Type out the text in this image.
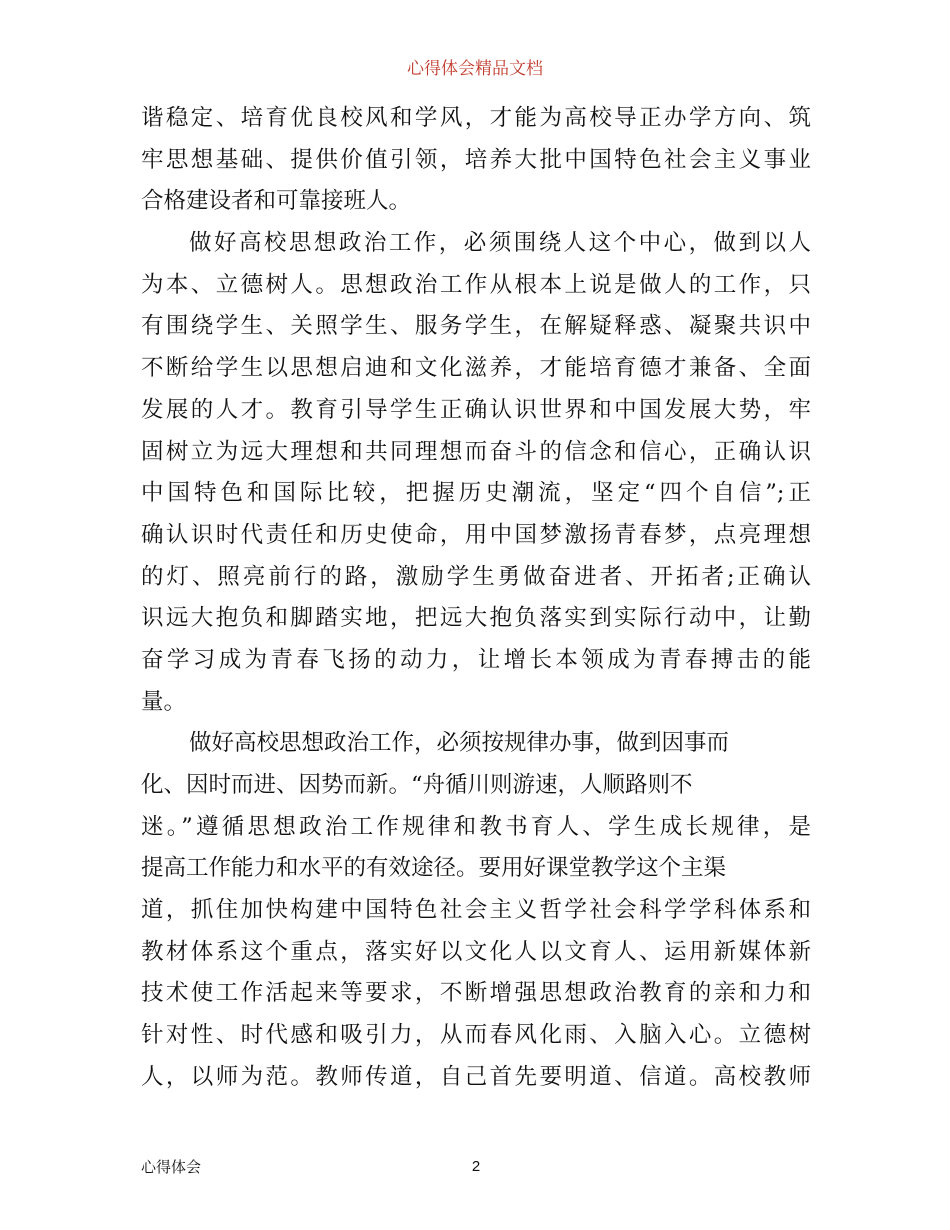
心得体会精品文档
谐稳定、培育优良校风和学风，才能为高校导正办学方向、筑
牢思想基础、提供价值引领，培养大批中国特色社会主义事业
合格建设者和可靠接班人。
做好高校思想政治工作，必须围绕人这个中心，做到以人
为本、立德树人。思想政治工作从根本上说是做人的工作，只
有围绕学生、关照学生、服务学生，在解疑释惑、凝聚共识中
不断给学生以思想启迪和文化滋养，才能培育德才兼备、全面
发展的人才。教育引导学生正确认识世界和中国发展大势，牢
固树立为远大理想和共同理想而奋斗的信念和信心，正确认识
中国特色和国际比较，把握历史潮流，坚定“四个自信”;正
确认识时代责任和历史使命，用中国梦激扬青春梦，点亮理想
的灯、照亮前行的路，激励学生勇做奋进者、开拓者;正确认
识远大抱负和脚踏实地，把远大抱负落实到实际行动中，让勤
奋学习成为青春飞扬的动力，让增长本领成为青春搏击的能
量。
做好高校思想政治工作，必须按规律办事，做到因事而
化、因时而进、因势而新。“舟循川则游速，人顺路则不
迷。”遵循思想政治工作规律和教书育人、学生成长规律，是
提高工作能力和水平的有效途径。要用好课堂教学这个主渠
道，抓住加快构建中国特色社会主义哲学社会科学学科体系和
教材体系这个重点，落实好以文化人以文育人、运用新媒体新
技术使工作活起来等要求，不断增强思想政治教育的亲和力和
针对性、时代感和吸引力，从而春风化雨、入脑入心。立德树
人，以师为范。教师传道，自己首先要明道、信道。高校教师
心得体会	2
